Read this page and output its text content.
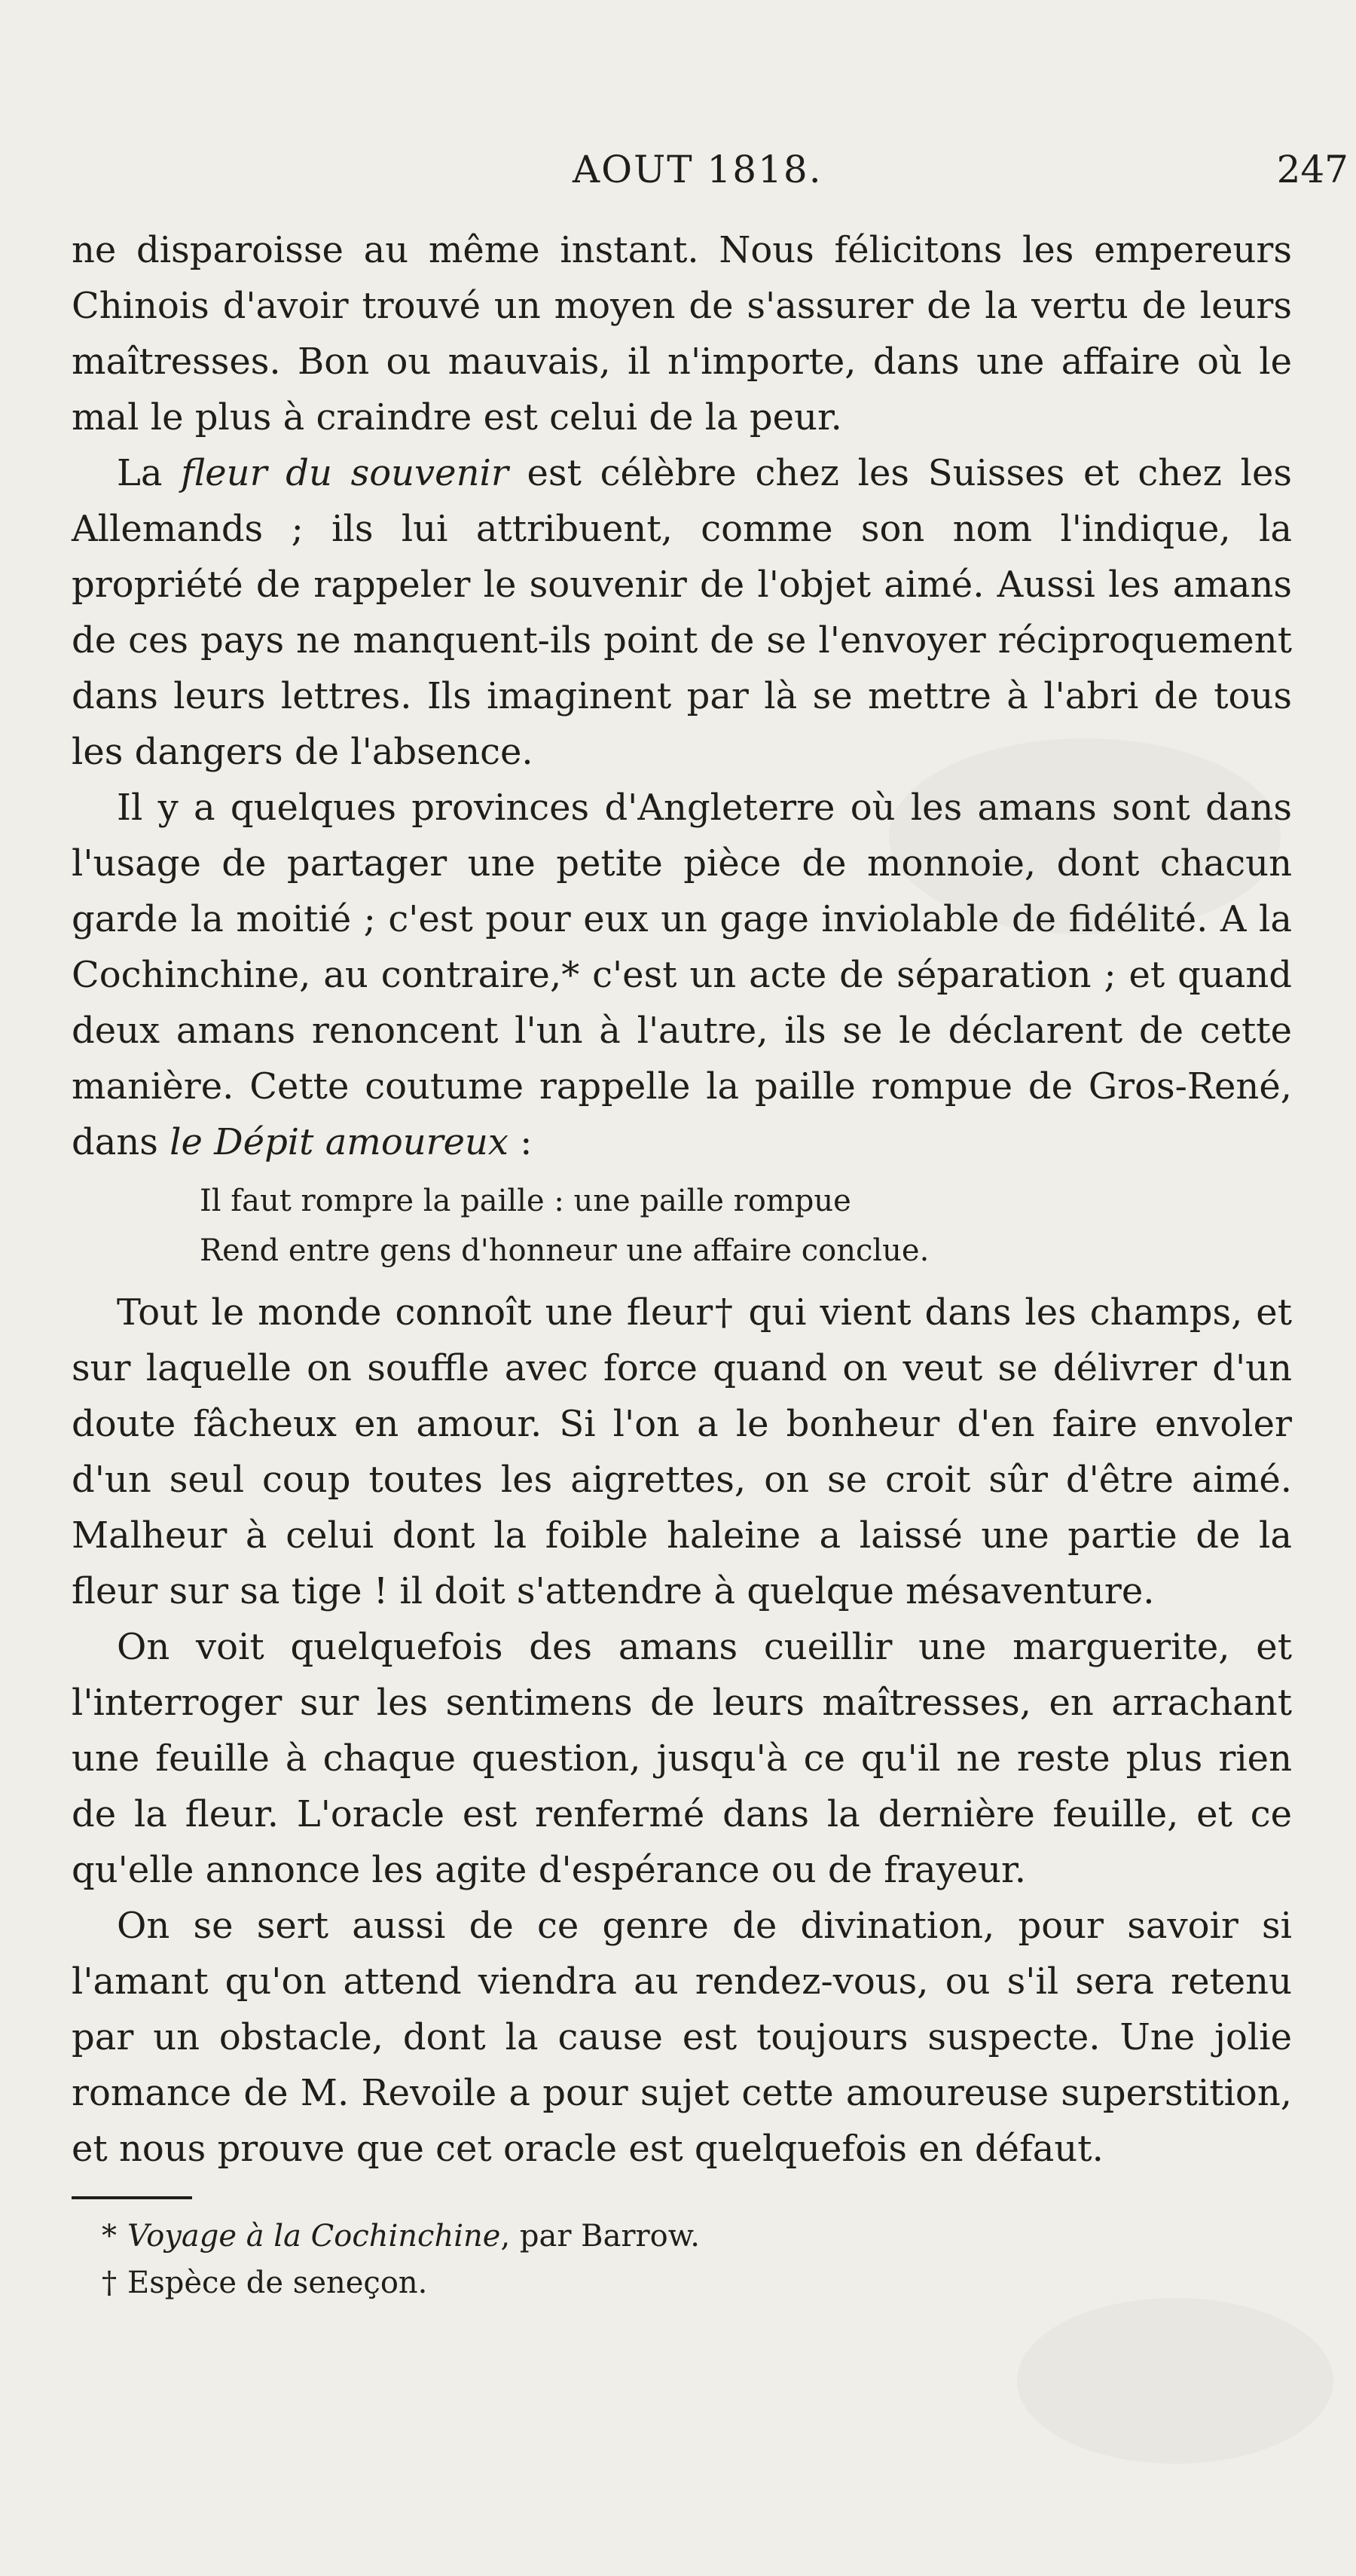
AOUT 1818.	247

ne disparoisse au même instant. Nous félicitons les empereurs Chinois d'avoir trouvé un moyen de s'assurer de la vertu de leurs maîtresses. Bon ou mauvais, il n'importe, dans une affaire où le mal le plus à craindre est celui de la peur.

La fleur du souvenir est célèbre chez les Suisses et chez les Allemands ; ils lui attribuent, comme son nom l'indique, la propriété de rappeler le souvenir de l'objet aimé. Aussi les amans de ces pays ne manquent-ils point de se l'envoyer réciproquement dans leurs lettres. Ils imaginent par là se mettre à l'abri de tous les dangers de l'absence.

Il y a quelques provinces d'Angleterre où les amans sont dans l'usage de partager une petite pièce de monnoie, dont chacun garde la moitié ; c'est pour eux un gage inviolable de fidélité. A la Cochinchine, au contraire,* c'est un acte de séparation ; et quand deux amans renoncent l'un à l'autre, ils se le déclarent de cette manière. Cette coutume rappelle la paille rompue de Gros-René, dans le Dépit amoureux :

Il faut rompre la paille : une paille rompue
Rend entre gens d'honneur une affaire conclue.

Tout le monde connoît une fleur† qui vient dans les champs, et sur laquelle on souffle avec force quand on veut se délivrer d'un doute fâcheux en amour. Si l'on a le bonheur d'en faire envoler d'un seul coup toutes les aigrettes, on se croit sûr d'être aimé. Malheur à celui dont la foible haleine a laissé une partie de la fleur sur sa tige ! il doit s'attendre à quelque mésaventure.

On voit quelquefois des amans cueillir une marguerite, et l'interroger sur les sentimens de leurs maîtresses, en arrachant une feuille à chaque question, jusqu'à ce qu'il ne reste plus rien de la fleur. L'oracle est renfermé dans la dernière feuille, et ce qu'elle annonce les agite d'espérance ou de frayeur.

On se sert aussi de ce genre de divination, pour savoir si l'amant qu'on attend viendra au rendez-vous, ou s'il sera retenu par un obstacle, dont la cause est toujours suspecte. Une jolie romance de M. Revoile a pour sujet cette amoureuse superstition, et nous prouve que cet oracle est quelquefois en défaut.

* Voyage à la Cochinchine, par Barrow.
† Espèce de seneçon.
